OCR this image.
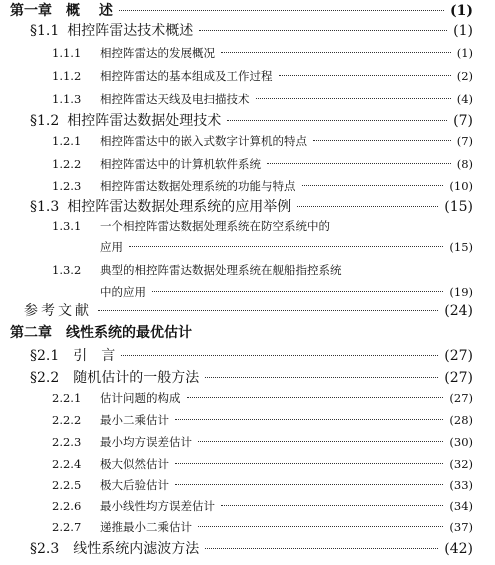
第一章 概　 述	(1)
§1.1 相控阵雷达技术概述	(1)
1.1.1	相控阵雷达的发展概况	(1)
1.1.2	相控阵雷达的基本组成及工作过程	(2)
1.1.3	相控阵雷达天线及电扫描技术	(4)
§1.2 相控阵雷达数据处理技术	(7)
1.2.1	相控阵雷达中的嵌入式数字计算机的特点	(7)
1.2.2	相控阵雷达中的计算机软件系统	(8)
1.2.3	相控阵雷达数据处理系统的功能与特点	(10)
§1.3 相控阵雷达数据处理系统的应用举例	(15)
1.3.1	一个相控阵雷达数据处理系统在防空系统中的
应用	(15)
1.3.2	典型的相控阵雷达数据处理系统在舰船指控系统
中的应用	(19)
参考文献	(24)
第二章 线性系统的最优估计
§2.1 引　言	(27)
§2.2 随机估计的一般方法	(27)
2.2.1	估计问题的构成	(27)
2.2.2	最小二乘估计	(28)
2.2.3	最小均方误差估计	(30)
2.2.4	极大似然估计	(32)
2.2.5	极大后验估计	(33)
2.2.6	最小线性均方误差估计	(34)
2.2.7	递推最小二乘估计	(37)
§2.3 线性系统内滤波方法	(42)
